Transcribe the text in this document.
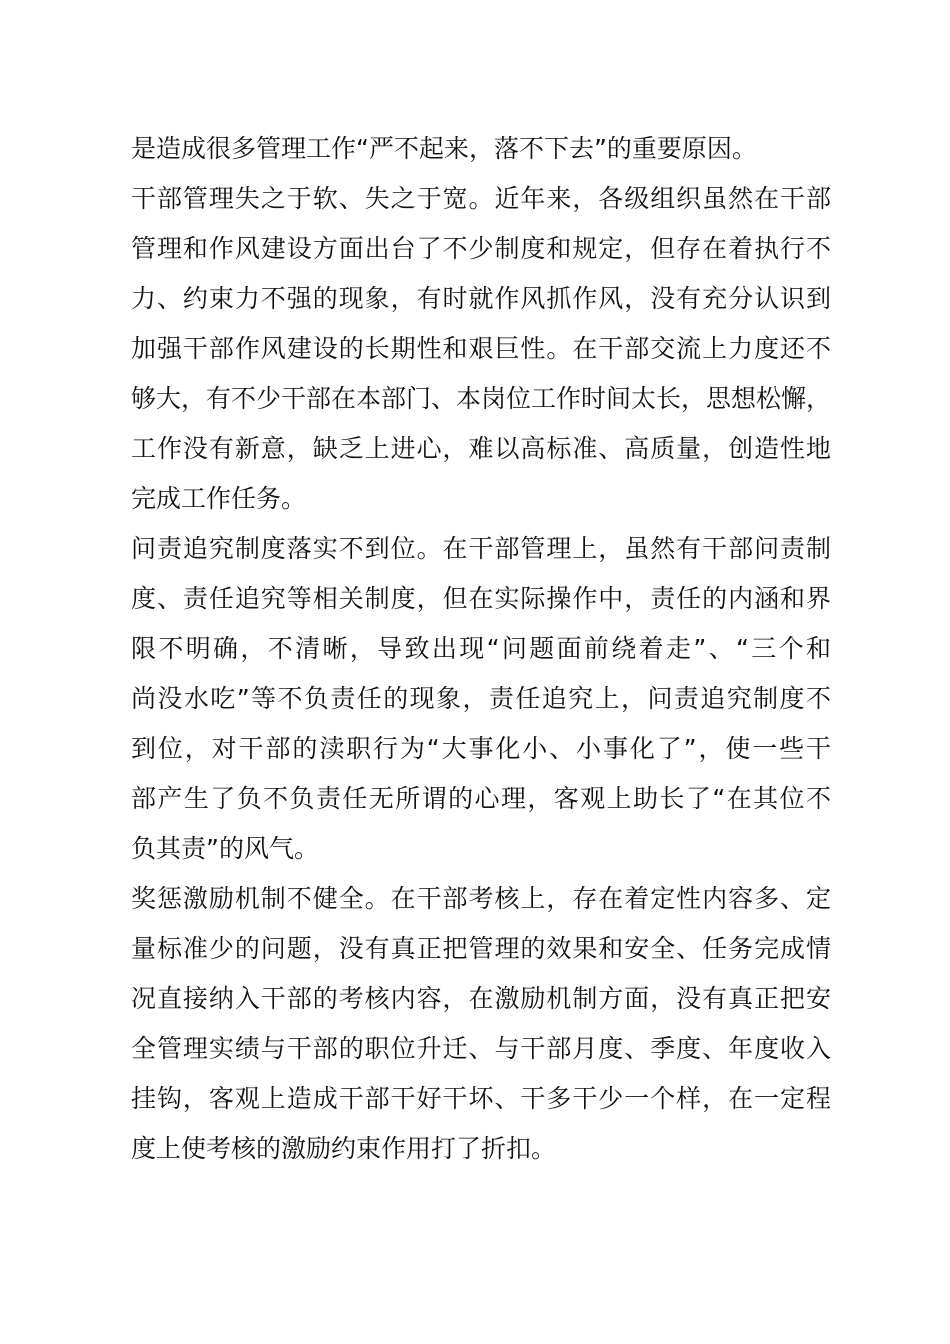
是造成很多管理工作“严不起来，落不下去”的重要原因。
干部管理失之于软、失之于宽。近年来，各级组织虽然在干部
管理和作风建设方面出台了不少制度和规定，但存在着执行不
力、约束力不强的现象，有时就作风抓作风，没有充分认识到
加强干部作风建设的长期性和艰巨性。在干部交流上力度还不
够大，有不少干部在本部门、本岗位工作时间太长，思想松懈，
工作没有新意，缺乏上进心，难以高标准、高质量，创造性地
完成工作任务。
问责追究制度落实不到位。在干部管理上，虽然有干部问责制
度、责任追究等相关制度，但在实际操作中，责任的内涵和界
限不明确，不清晰，导致出现“问题面前绕着走”、“三个和
尚没水吃”等不负责任的现象，责任追究上，问责追究制度不
到位，对干部的渎职行为“大事化小、小事化了”，使一些干
部产生了负不负责任无所谓的心理，客观上助长了“在其位不
负其责”的风气。
奖惩激励机制不健全。在干部考核上，存在着定性内容多、定
量标准少的问题，没有真正把管理的效果和安全、任务完成情
况直接纳入干部的考核内容，在激励机制方面，没有真正把安
全管理实绩与干部的职位升迁、与干部月度、季度、年度收入
挂钩，客观上造成干部干好干坏、干多干少一个样，在一定程
度上使考核的激励约束作用打了折扣。
